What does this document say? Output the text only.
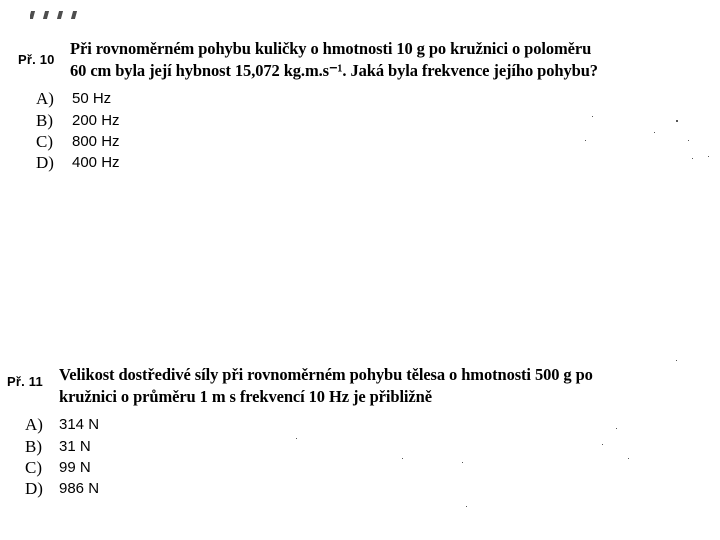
Př. 10
Při rovnoměrném pohybu kuličky o hmotnosti 10 g po kružnici o poloměru
60 cm byla její hybnost 15,072 kg.m.s⁻¹. Jaká byla frekvence jejího pohybu?
A) 50 Hz
B) 200 Hz
C) 800 Hz
D) 400 Hz
Př. 11 Velikost dostředivé síly při rovnoměrném pohybu tělesa o hmotnosti 500 g po
kružnici o průměru 1 m s frekvencí 10 Hz je přibližně
A) 314 N
B) 31 N
C) 99 N
D) 986 N
